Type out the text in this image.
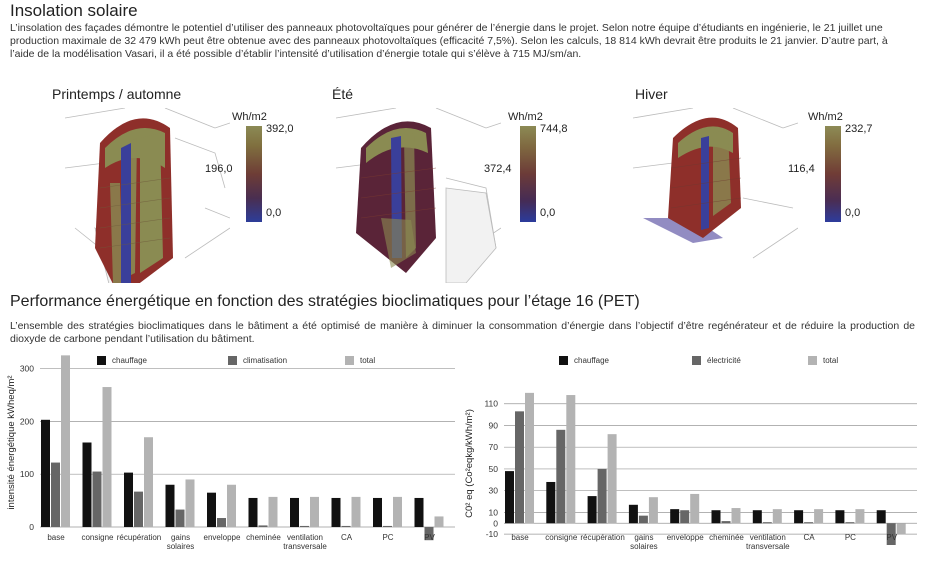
Insolation solaire

L’insolation des façades démontre le potentiel d’utiliser des panneaux photovoltaïques pour générer de l’énergie dans le projet. Selon notre équipe d’étudiants en ingénierie, le 21 juillet une production maximale de 32 479 kWh peut être obtenue avec des panneaux photovoltaïques (efficacité 7,5%). Selon les calculs, 18 814 kWh devrait être produits le 21 janvier. D’autre part, à l’aide de la modélisation Vasari, il a été possible d’établir l’intensité d’utilisation d’énergie totale qui s’élève à 715 MJ/sm/an.

Printemps / automne
Wh/m2
392,0
196,0
0,0
Été
Wh/m2
744,8
372,4
0,0
Hiver
Wh/m2
232,7
116,4
0,0
Performance énergétique en fonction des stratégies bioclimatiques pour l’étage 16 (PET)

L’ensemble des stratégies bioclimatiques dans le bâtiment a été optimisé de manière à diminuer la consommation d’énergie dans l’objectif d’être regénérateur et de réduire la production de dioxyde de carbone pendant l’utilisation du bâtiment.

0
100
200
300
intensité énergétique kWheq/m²
chauffage	climatisation	total
base consigne récupération gains
solaires
enveloppe cheminée ventilation
transversale
CA	PC	PV	-10
0
10
30
50
70
90
110
C0² eq (Co²eqkg/kWh/m²)
chauffage	électricité	total
base consigne récupération gains
solaires
enveloppe cheminée ventilation
transversale
CA	PC	PV
